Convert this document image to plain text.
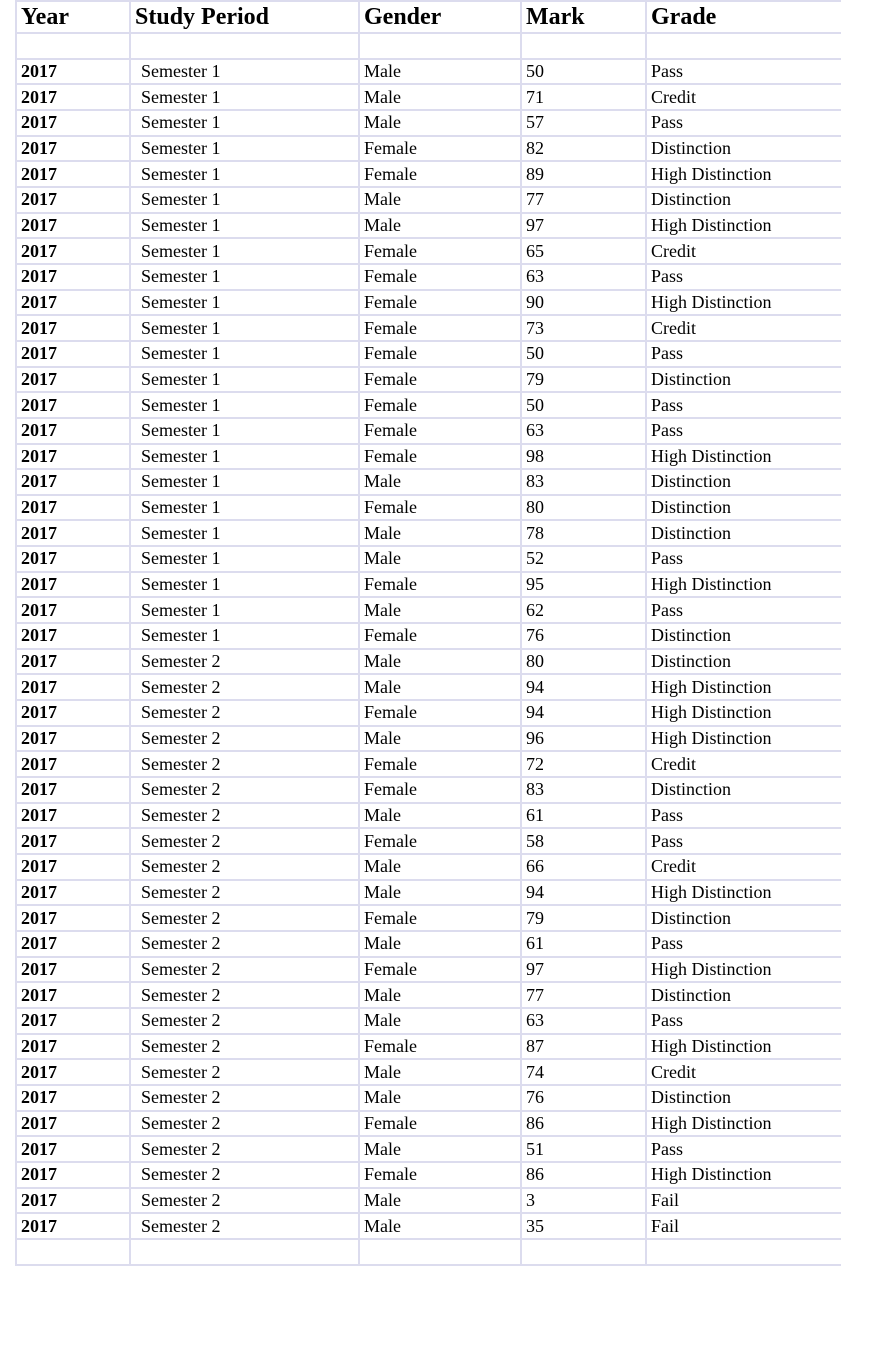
Year	Study Period	Gender	Mark	Grade

2017	Semester 1	Male	50	Pass
2017	Semester 1	Male	71	Credit
2017	Semester 1	Male	57	Pass
2017	Semester 1	Female	82	Distinction
2017	Semester 1	Female	89	High Distinction
2017	Semester 1	Male	77	Distinction
2017	Semester 1	Male	97	High Distinction
2017	Semester 1	Female	65	Credit
2017	Semester 1	Female	63	Pass
2017	Semester 1	Female	90	High Distinction
2017	Semester 1	Female	73	Credit
2017	Semester 1	Female	50	Pass
2017	Semester 1	Female	79	Distinction
2017	Semester 1	Female	50	Pass
2017	Semester 1	Female	63	Pass
2017	Semester 1	Female	98	High Distinction
2017	Semester 1	Male	83	Distinction
2017	Semester 1	Female	80	Distinction
2017	Semester 1	Male	78	Distinction
2017	Semester 1	Male	52	Pass
2017	Semester 1	Female	95	High Distinction
2017	Semester 1	Male	62	Pass
2017	Semester 1	Female	76	Distinction
2017	Semester 2	Male	80	Distinction
2017	Semester 2	Male	94	High Distinction
2017	Semester 2	Female	94	High Distinction
2017	Semester 2	Male	96	High Distinction
2017	Semester 2	Female	72	Credit
2017	Semester 2	Female	83	Distinction
2017	Semester 2	Male	61	Pass
2017	Semester 2	Female	58	Pass
2017	Semester 2	Male	66	Credit
2017	Semester 2	Male	94	High Distinction
2017	Semester 2	Female	79	Distinction
2017	Semester 2	Male	61	Pass
2017	Semester 2	Female	97	High Distinction
2017	Semester 2	Male	77	Distinction
2017	Semester 2	Male	63	Pass
2017	Semester 2	Female	87	High Distinction
2017	Semester 2	Male	74	Credit
2017	Semester 2	Male	76	Distinction
2017	Semester 2	Female	86	High Distinction
2017	Semester 2	Male	51	Pass
2017	Semester 2	Female	86	High Distinction
2017	Semester 2	Male	3	Fail
2017	Semester 2	Male	35	Fail
